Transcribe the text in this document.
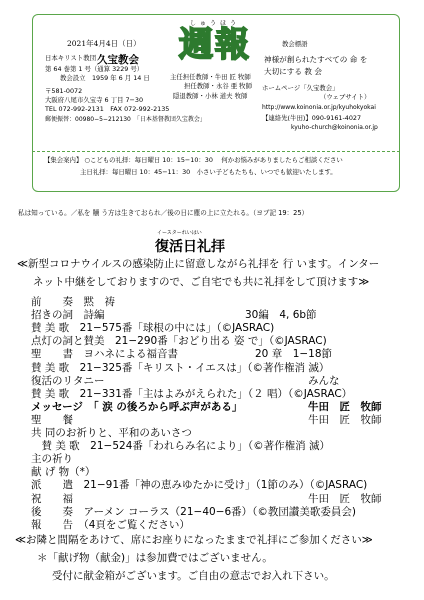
2021年4月4日（日）
日本キリスト教団 久宝教会
第 64 巻第 1 号（通算 3229 号）
教会設立　1959 年 6 月 14 日
〒581-0072
大阪府八尾市久宝寺 6 丁目 7−30
TEL 072-992-2131　FAX 072-992-2135
郵便振替：00980−5−212130　「日本基督教団久宝教会」
しゅうほう
週報
主任担任教師・牛田 匠 牧師
担任教師・永谷 亜 牧師
隠退教師・小林 道夫 牧師
教会標語
神様が創られたすべての 命 を
大切にする 教 会
ホームページ「久宝教会」
（ウェブサイト）
http://www.koinonia.or.jp/kyuhokyokai
【連絡先(牛田)】090-9161-4027
kyuho-church@koinonia.or.jp
【集会案内】 ○こどもの礼拝：毎日曜日 10：15−10：30　 何かお悩みがありましたらご相談ください
主日礼拝：毎日曜日 10：45−11：30　小さい子どもたちも、いつでも歓迎いたします。
私は知っている。／私を 贖 う方は生きておられ／後の日に塵の上に立たれる。（ヨブ記 19：25）
イースターれいはい
復活日礼拝
≪新型コロナウイルスの感染防止に留意しながら礼拝を 行 います。インター
ネット中継をしておりますので、ご自宅でも共に礼拝をして頂けます≫
前　　奏　黙　祷
招きの詞　詩編	30編　4, 6b節
賛 美 歌　21−575番「球根の中には」（©JASRAC)
点灯の詞と賛美　21−290番「おどり出る 姿 で」（©JASRAC)
聖　　書　ヨハネによる福音書	20 章　1−18節
賛 美 歌　21−325番「キリスト・イエスは」（©著作権消 滅）
復活のリタニー	みんな
賛 美 歌　21−331番「主はよみがえられた」（２ 唱）（©JASRAC）
メッセージ　「 涙 の後ろから呼ぶ声がある」	牛田　匠　牧師
聖　　餐	牛田　匠　牧師
共 同のお祈りと、平和のあいさつ
　賛 美 歌　21−524番「われらみ名により」（©著作権消 滅）
主の祈り
献 げ 物（*）
派　　遣　21−91番「神の恵みゆたかに受け」（1節のみ）（©JASRAC)
祝　　福	牛田　匠　牧師
後　　奏　アーメン コーラス（21−40−6番）（©教団讃美歌委員会)
報　　告　（4頁をご覧ください）
≪お隣と間隔をあけて、席にお座りになったままで礼拝にご参加ください≫
＊「献げ物（献金)」は参加費ではございません。
受付に献金箱がございます。ご自由の意志でお入れ下さい。
